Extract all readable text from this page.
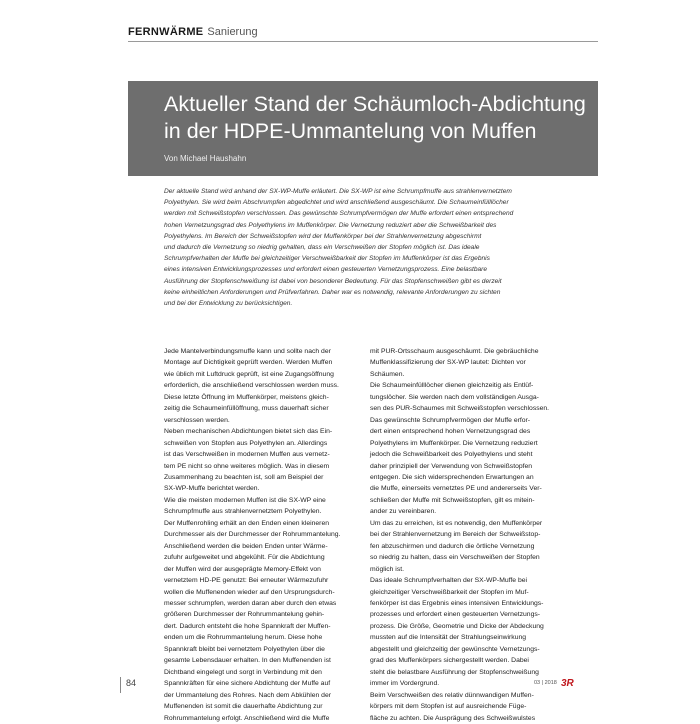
FERNWÄRME Sanierung
Aktueller Stand der Schäumloch-Abdichtung
in der HDPE-Ummantelung von Muffen
Von Michael Haushahn
Der aktuelle Stand wird anhand der SX-WP-Muffe erläutert. Die SX-WP ist eine Schrumpfmuffe aus strahlenvernetztem
Polyethylen. Sie wird beim Abschrumpfen abgedichtet und wird anschließend ausgeschäumt. Die Schaumeinfülllöcher
werden mit Schweißstopfen verschlossen. Das gewünschte Schrumpfvermögen der Muffe erfordert einen entsprechend
hohen Vernetzungsgrad des Polyethylens im Muffenkörper. Die Vernetzung reduziert aber die Schweißbarkeit des
Polyethylens. Im Bereich der Schweißstopfen wird der Muffenkörper bei der Strahlenvernetzung abgeschirmt
und dadurch die Vernetzung so niedrig gehalten, dass ein Verschweißen der Stopfen möglich ist. Das ideale
Schrumpfverhalten der Muffe bei gleichzeitiger Verschweißbarkeit der Stopfen im Muffenkörper ist das Ergebnis
eines intensiven Entwicklungsprozesses und erfordert einen gesteuerten Vernetzungsprozess. Eine belastbare
Ausführung der Stopfenschweißung ist dabei von besonderer Bedeutung. Für das Stopfenschweißen gibt es derzeit
keine einheitlichen Anforderungen und Prüfverfahren. Daher war es notwendig, relevante Anforderungen zu sichten
und bei der Entwicklung zu berücksichtigen.
Jede Mantelverbindungsmuffe kann und sollte nach der
Montage auf Dichtigkeit geprüft werden. Werden Muffen
wie üblich mit Luftdruck geprüft, ist eine Zugangsöffnung
erforderlich, die anschließend verschlossen werden muss.
Diese letzte Öffnung im Muffenkörper, meistens gleich-
zeitig die Schaumeinfüllöffnung, muss dauerhaft sicher
verschlossen werden.
Neben mechanischen Abdichtungen bietet sich das Ein-
schweißen von Stopfen aus Polyethylen an. Allerdings
ist das Verschweißen in modernen Muffen aus vernetz-
tem PE nicht so ohne weiteres möglich. Was in diesem
Zusammenhang zu beachten ist, soll am Beispiel der
SX-WP-Muffe berichtet werden.
Wie die meisten modernen Muffen ist die SX-WP eine
Schrumpfmuffe aus strahlenvernetztem Polyethylen.
Der Muffenrohling erhält an den Enden einen kleineren
Durchmesser als der Durchmesser der Rohrummantelung.
Anschließend werden die beiden Enden unter Wärme-
zufuhr aufgeweitet und abgekühlt. Für die Abdichtung
der Muffen wird der ausgeprägte Memory-Effekt von
vernetztem HD-PE genutzt: Bei erneuter Wärmezufuhr
wollen die Muffenenden wieder auf den Ursprungsdurch-
messer schrumpfen, werden daran aber durch den etwas
größeren Durchmesser der Rohrummantelung gehin-
dert. Dadurch entsteht die hohe Spannkraft der Muffen-
enden um die Rohrummantelung herum. Diese hohe
Spannkraft bleibt bei vernetztem Polyethylen über die
gesamte Lebensdauer erhalten. In den Muffenenden ist
Dichtband eingelegt und sorgt in Verbindung mit den
Spannkräften für eine sichere Abdichtung der Muffe auf
der Ummantelung des Rohres. Nach dem Abkühlen der
Muffenenden ist somit die dauerhafte Abdichtung zur
Rohrummantelung erfolgt. Anschließend wird die Muffe
mit PUR-Ortsschaum ausgeschäumt. Die gebräuchliche
Muffenklassifizierung der SX-WP lautet: Dichten vor
Schäumen.
Die Schaumeinfülllöcher dienen gleichzeitig als Entlüf-
tungslöcher. Sie werden nach dem vollständigen Ausga-
sen des PUR-Schaumes mit Schweißstopfen verschlossen.
Das gewünschte Schrumpfvermögen der Muffe erfor-
dert einen entsprechend hohen Vernetzungsgrad des
Polyethylens im Muffenkörper. Die Vernetzung reduziert
jedoch die Schweißbarkeit des Polyethylens und steht
daher prinzipiell der Verwendung von Schweißstopfen
entgegen. Die sich widersprechenden Erwartungen an
die Muffe, einerseits vernetztes PE und andererseits Ver-
schließen der Muffe mit Schweißstopfen, gilt es mitein-
ander zu vereinbaren.
Um das zu erreichen, ist es notwendig, den Muffenkörper
bei der Strahlenvernetzung im Bereich der Schweißstop-
fen abzuschirmen und dadurch die örtliche Vernetzung
so niedrig zu halten, dass ein Verschweißen der Stopfen
möglich ist.
Das ideale Schrumpfverhalten der SX-WP-Muffe bei
gleichzeitiger Verschweißbarkeit der Stopfen im Muf-
fenkörper ist das Ergebnis eines intensiven Entwicklungs-
prozesses und erfordert einen gesteuerten Vernetzungs-
prozess. Die Größe, Geometrie und Dicke der Abdeckung
mussten auf die Intensität der Strahlungseinwirkung
abgestellt und gleichzeitig der gewünschte Vernetzungs-
grad des Muffenkörpers sichergestellt werden. Dabei
steht die belastbare Ausführung der Stopfenschweißung
immer im Vordergrund.
Beim Verschweißen des relativ dünnwandigen Muffen-
körpers mit dem Stopfen ist auf ausreichende Füge-
fläche zu achten. Die Ausprägung des Schweißwulstes
84	03 | 2018 3R
